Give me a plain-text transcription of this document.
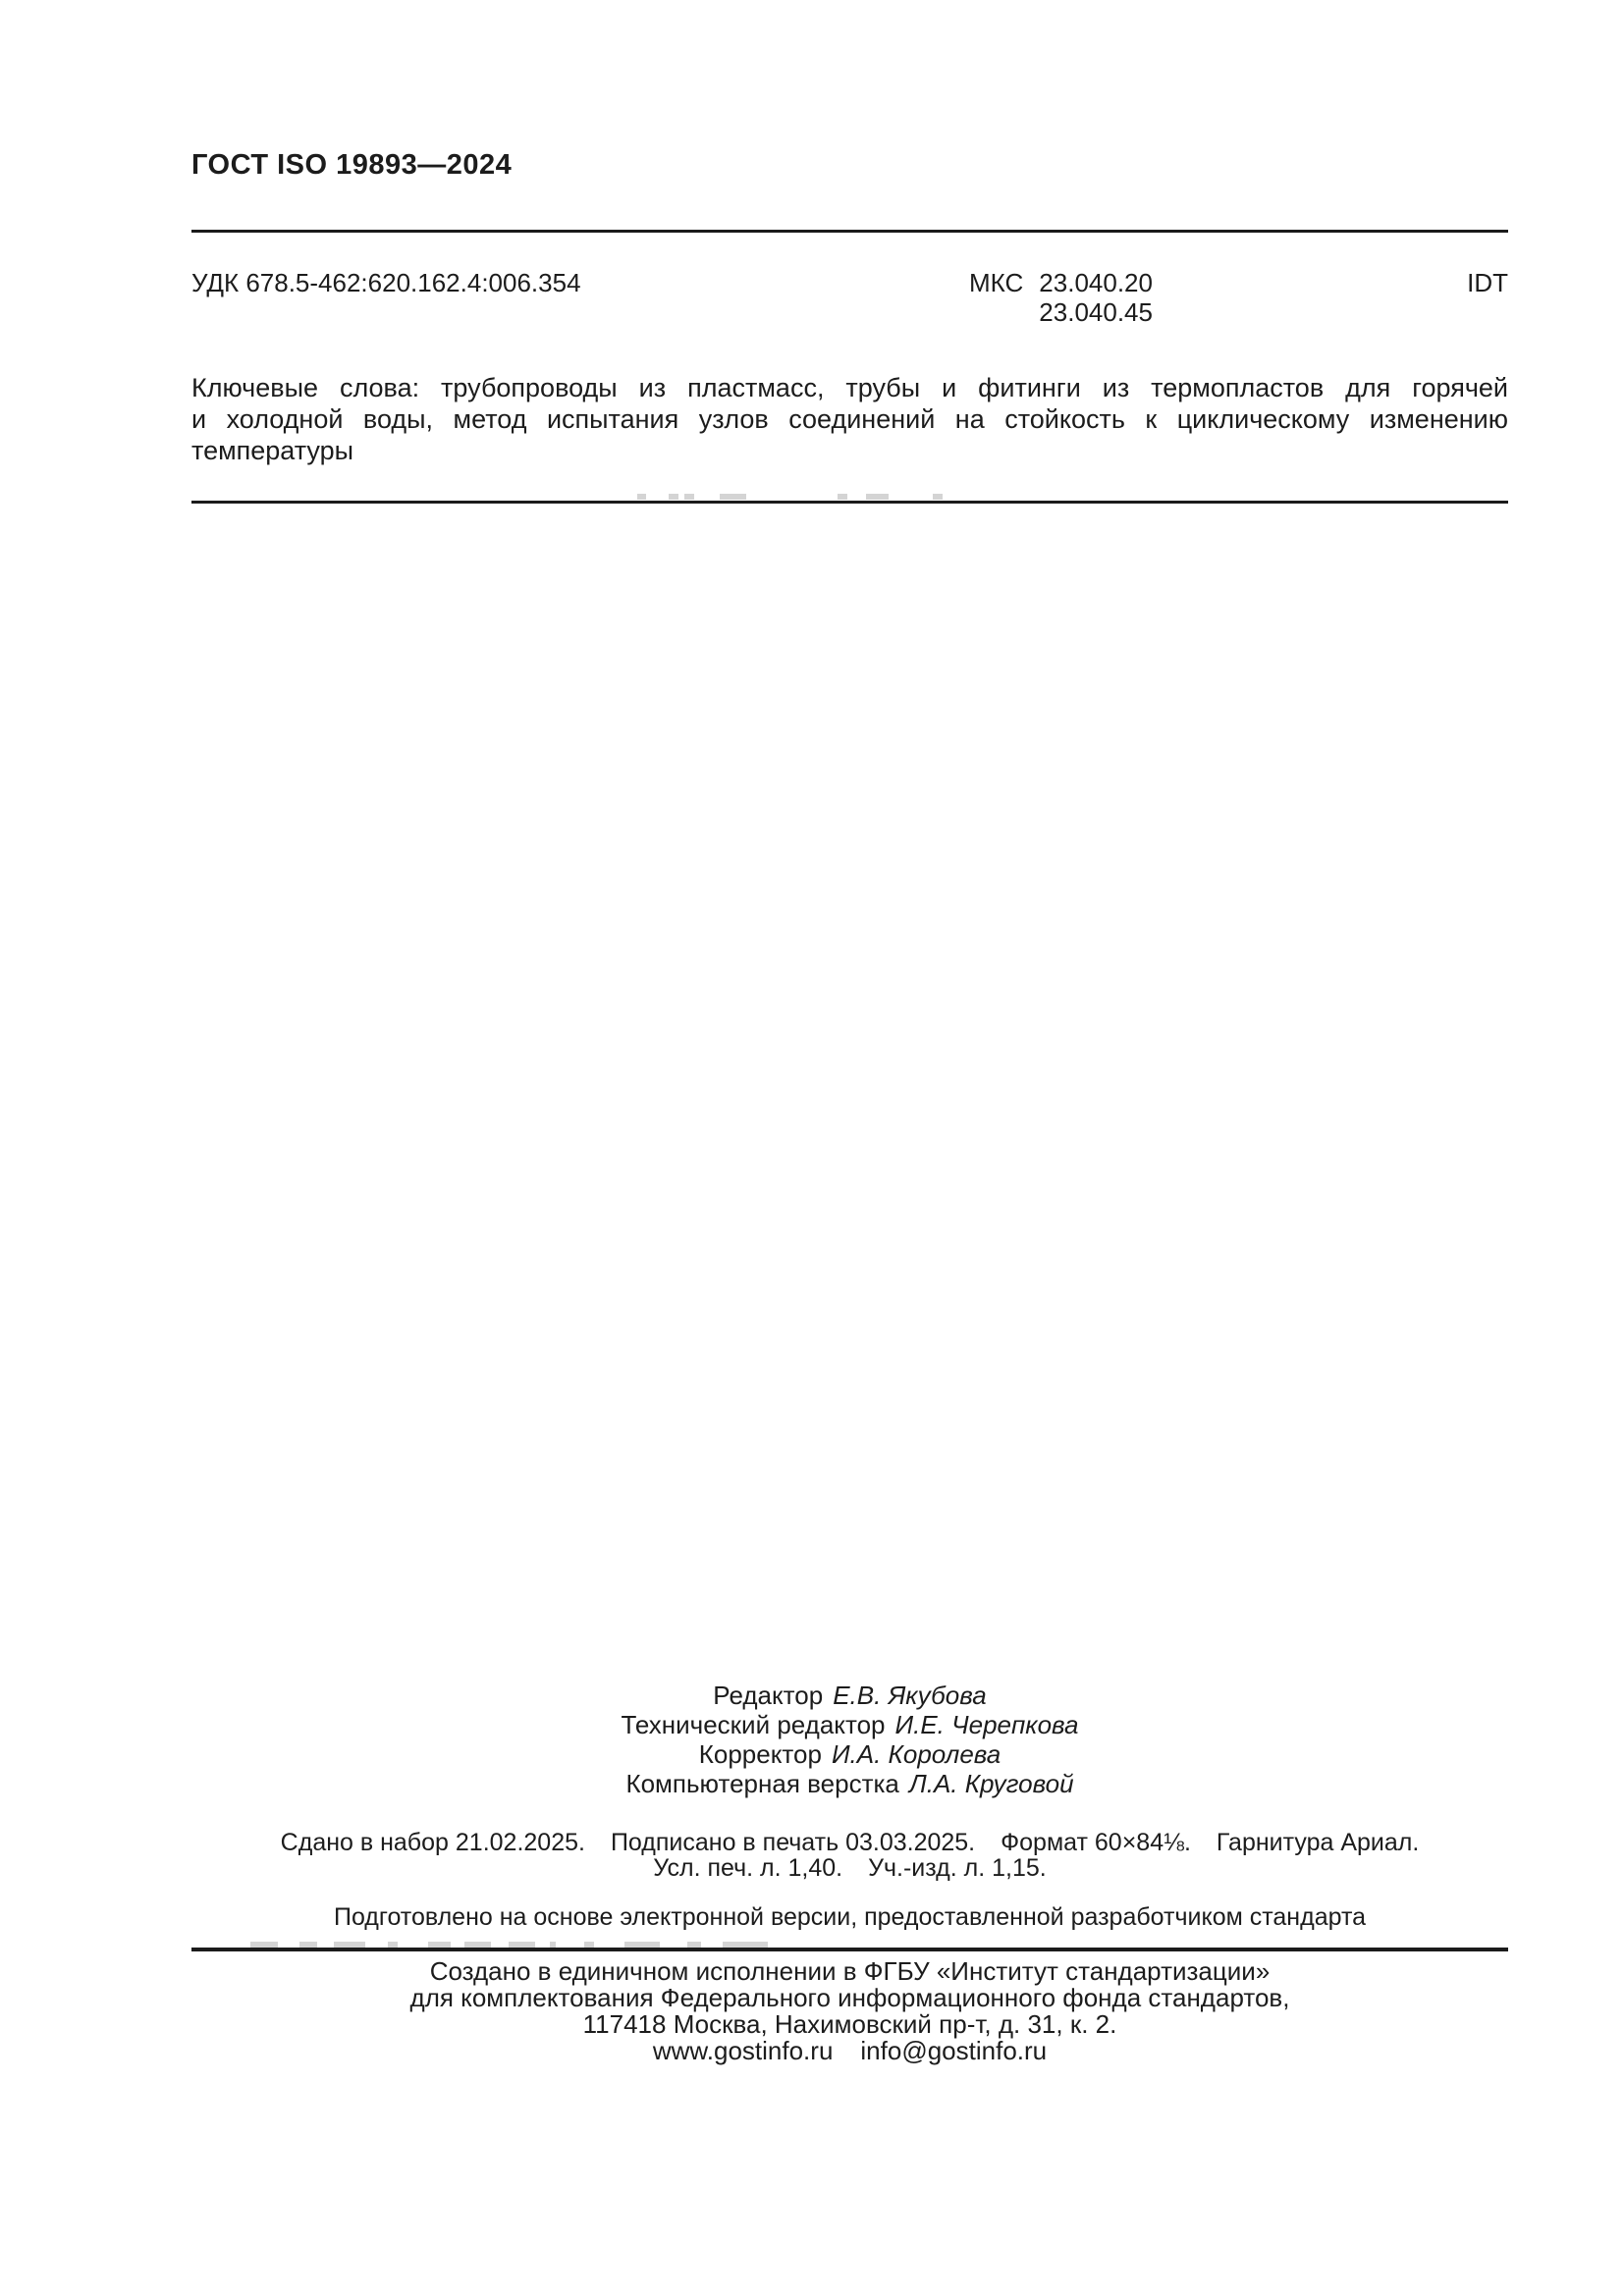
ГОСТ ISO 19893—2024
УДК 678.5-462:620.162.4:006.354	МКС 23.040.20
23.040.45
IDT
Ключевые слова: трубопроводы из пластмасс, трубы и фитинги из термопластов для горячей
и холодной воды, метод испытания узлов соединений на стойкость к циклическому изменению
температуры
Редактор Е.В. Якубова
Технический редактор И.Е. Черепкова
Корректор И.А. Королева
Компьютерная верстка Л.А. Круговой
Сдано в набор 21.02.2025. Подписано в печать 03.03.2025. Формат 60×84⅛. Гарнитура Ариал.
Усл. печ. л. 1,40. Уч.-изд. л. 1,15.
Подготовлено на основе электронной версии, предоставленной разработчиком стандарта
Создано в единичном исполнении в ФГБУ «Институт стандартизации»
для комплектования Федерального информационного фонда стандартов,
117418 Москва, Нахимовский пр-т, д. 31, к. 2.
www.gostinfo.ru info@gostinfo.ru
